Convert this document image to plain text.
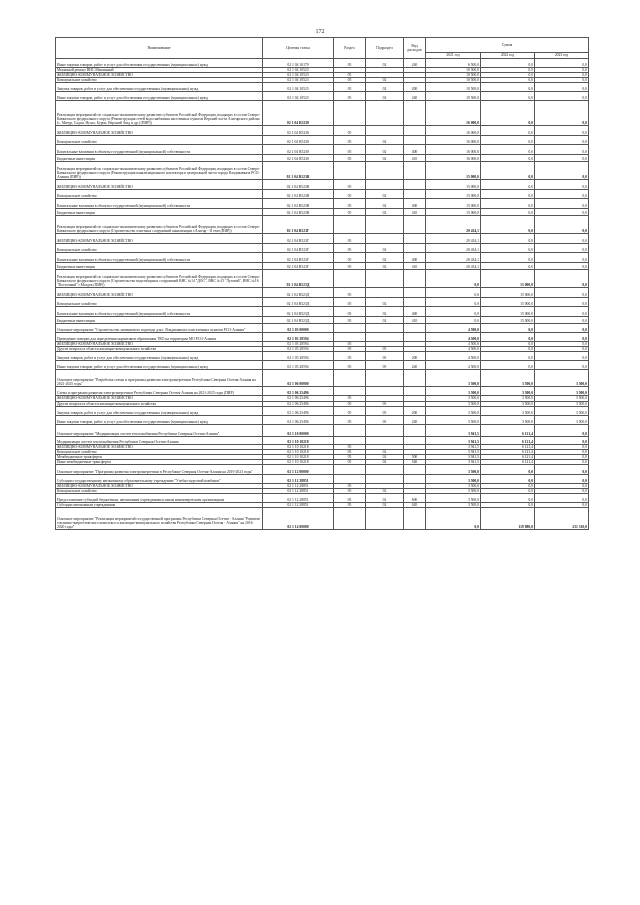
172
Наименование	Целевая статья	Раздел	Подраздел	Вид расходов	Сумма		
					2021 год	2022 год	2023 год
Иные закупки товаров, работ и услуг для обеспечения государственных (муниципальных) нужд	02 1 04 10179	05	02	240	6 500,0	0,0	0,0
Мокапный ремонт ВНС Машинный	02 1 04 10523				10 500,0	0,0	0,0
ЖИЛИЩНО-КОММУНАЛЬНОЕ ХОЗЯЙСТВО	02 1 04 10523	05			10 500,0	0,0	0,0
Коммунальное хозяйство	02 1 04 10523	05	02		10 500,0	0,0	0,0
Закупка товаров, работ и услуг для обеспечения государственных (муниципальных) нужд	02 1 04 10523	05	02	200	10 500,0	0,0	0,0
Иные закупки товаров, работ и услуг для обеспечения государственных (муниципальных) нужд	02 1 04 10523	05	02	240	10 500,0	0,0	0,0
Реализация мероприятий по социально-экономическому развитию субъектов Российской Федерации, входящих в состав Северо-Кавказского федерального округа (Реконструкция сетей водоснабжения населенных пунктов Верхней части Алагирского района (с. Мизур, Садон, Нузал, Бурон, Верхний Згид и др.) (ПИР))	02 1 04 R5230				16 000,0	0,0	0,0
ЖИЛИЩНО-КОММУНАЛЬНОЕ ХОЗЯЙСТВО	02 1 04 R5230	05			16 000,0	0,0	0,0
Коммунальное хозяйство	02 1 04 R5230	05	02		16 000,0	0,0	0,0
Капитальные вложения в объекты государственной (муниципальной) собственности	02 1 04 R5230	05	02	400	16 000,0	0,0	0,0
Бюджетные инвестиции	02 1 04 R5230	05	02	410	16 000,0	0,0	0,0
Реализация мероприятий по социально-экономическому развитию субъектов Российской Федерации, входящих в состав Северо-Кавказского федерального округа (Реконструкция канализационного коллектора в центральной части города Владикавказа РСО-Алания (ПИР))	02 1 04 R523В				15 000,0	0,0	0,0
ЖИЛИЩНО-КОММУНАЛЬНОЕ ХОЗЯЙСТВО	02 1 04 R523В	05			15 000,0	0,0	0,0
Коммунальное хозяйство	02 1 04 R523В	05	02		15 000,0	0,0	0,0
Капитальные вложения в объекты государственной (муниципальной) собственности	02 1 04 R523В	05	02	400	15 000,0	0,0	0,0
Бюджетные инвестиции	02 1 04 R523В	05	02	410	15 000,0	0,0	0,0
Реализация мероприятий по социально-экономическому развитию субъектов Российской Федерации, входящих в состав Северо-Кавказского федерального округа (Строительство очистных сооружений канализации г.Алагир - II этап (ПИР))	02 1 04 R523Г				20 434,1	0,0	0,0
ЖИЛИЩНО-КОММУНАЛЬНОЕ ХОЗЯЙСТВО	02 1 04 R523Г	05			20 434,1	0,0	0,0
Коммунальное хозяйство	02 1 04 R523Г	05	02		20 434,1	0,0	0,0
Капитальные вложения в объекты государственной (муниципальной) собственности	02 1 04 R523Г	05	02	400	20 434,1	0,0	0,0
Бюджетные инвестиции	02 1 04 R523Г	05	02	410	20 434,1	0,0	0,0
Реализация мероприятий по социально-экономическому развитию субъектов Российской Федерации, входящих в состав Северо-Кавказского федерального округа (Строительство водозаборных сооружений ВНС №14 "ДОС", ВНС №15 "Луговой", ВНС №16 "Восточный" г.Моздок (ПИР))	02 1 04 R523Д				0,0	15 000,0	0,0
ЖИЛИЩНО-КОММУНАЛЬНОЕ ХОЗЯЙСТВО	02 1 04 R523Д	05			0,0	15 000,0	0,0
Коммунальное хозяйство	02 1 04 R523Д	05	02		0,0	15 000,0	0,0
Капитальные вложения в объекты государственной (муниципальной) собственности	02 1 04 R523Д	05	02	400	0,0	15 000,0	0,0
Бюджетные инвестиции	02 1 04 R523Д	05	02	410	0,0	15 000,0	0,0
Основное мероприятие "Строительство заменяемого водовода для г. Владикавказа и населенных пунктов РСО-Алания"	02 1 05 00000				4 500,0	0,0	0,0
Проведение поверки для определения нормативов образования ТКО на территории МО РСО-Алания	02 1 05 28594				4 500,0	0,0	0,0
ЖИЛИЩНО-КОММУНАЛЬНОЕ ХОЗЯЙСТВО	02 1 05 28594	05			4 500,0	0,0	0,0
Другие вопросы в области жилищно-коммунального хозяйства	02 1 05 28594	05	05		4 500,0	0,0	0,0
Закупка товаров, работ и услуг для обеспечения государственных (муниципальных) нужд	02 1 05 28594	05	05	200	4 500,0	0,0	0,0
Иные закупки товаров, работ и услуг для обеспечения государственных (муниципальных) нужд	02 1 05 28594	05	05	240	4 500,0	0,0	0,0
Основное мероприятие "Разработка схемы и программы развития электроэнергетики Республики Северная Осетия-Алания на 2021-2025 годы"	02 1 06 00000				3 500,0	3 500,0	3 500,0
Схема и программа развития электроэнергетики Республики Северная Осетия-Алания на 2021-2025 годы (ПИР)	02 1 06 25496				3 500,0	3 500,0	3 500,0
ЖИЛИЩНО-КОММУНАЛЬНОЕ ХОЗЯЙСТВО	02 1 06 25496	05			3 500,0	3 500,0	3 500,0
Другие вопросы в области жилищно-коммунального хозяйства	02 1 06 25496	05	05		3 500,0	3 500,0	3 500,0
Закупка товаров, работ и услуг для обеспечения государственных (муниципальных) нужд	02 1 06 25496	05	05	200	3 500,0	3 500,0	3 500,0
Иные закупки товаров, работ и услуг для обеспечения государственных (муниципальных) нужд	02 1 06 25496	05	05	240	3 500,0	3 500,0	3 500,0
Основное мероприятие "Модернизация систем теплоснабжения Республики Северная Осетия-Алания"	02 1 10 00000				3 941,5	6 121,4	0,0
Модернизация систем теплоснабжения Республики Северная Осетия-Алания	02 1 10 10218				3 941,5	6 121,4	0,0
ЖИЛИЩНО-КОММУНАЛЬНОЕ ХОЗЯЙСТВО	02 1 10 10218	05			3 941,5	6 121,4	0,0
Коммунальное хозяйство	02 1 10 10218	05	02		3 941,5	6 121,4	0,0
Межбюджетные трансферты	02 1 10 10218	05	02	500	3 941,5	6 121,4	0,0
Иные межбюджетные трансферты	02 1 10 10218	05	02	540	3 941,5	6 121,4	0,0
Основное мероприятие "Программа развития электроэнергетики в Республике Северная Осетия-Алания на 2019-2023 годы"	02 1 12 00000				3 500,0	0,0	0,0
Субсидии государственному автономному образовательному учреждению "Учебно-курсовой комбинат"	02 1 12 28851				3 500,0	0,0	0,0
ЖИЛИЩНО-КОММУНАЛЬНОЕ ХОЗЯЙСТВО	02 1 12 28851	05			3 500,0	0,0	0,0
Коммунальное хозяйство	02 1 12 28851	05	02		3 500,0	0,0	0,0
Предоставление субсидий бюджетным, автономным учреждениям и иным некоммерческим организациям	02 1 12 28851	05	02	600	3 500,0	0,0	0,0
Субсидии автономным учреждениям	02 1 12 28851	05	02	620	3 500,0	0,0	0,0
Основное мероприятие "Реализация мероприятий государственной программы Республики Северная Осетия - Алания "Развитие топливно-энергетического комплекса и жилищно-коммунального хозяйства Республики Северная Осетия - Алания" на 2016-2020 годы"	02 1 14 00000				0,0	119 880,0	231 310,0
